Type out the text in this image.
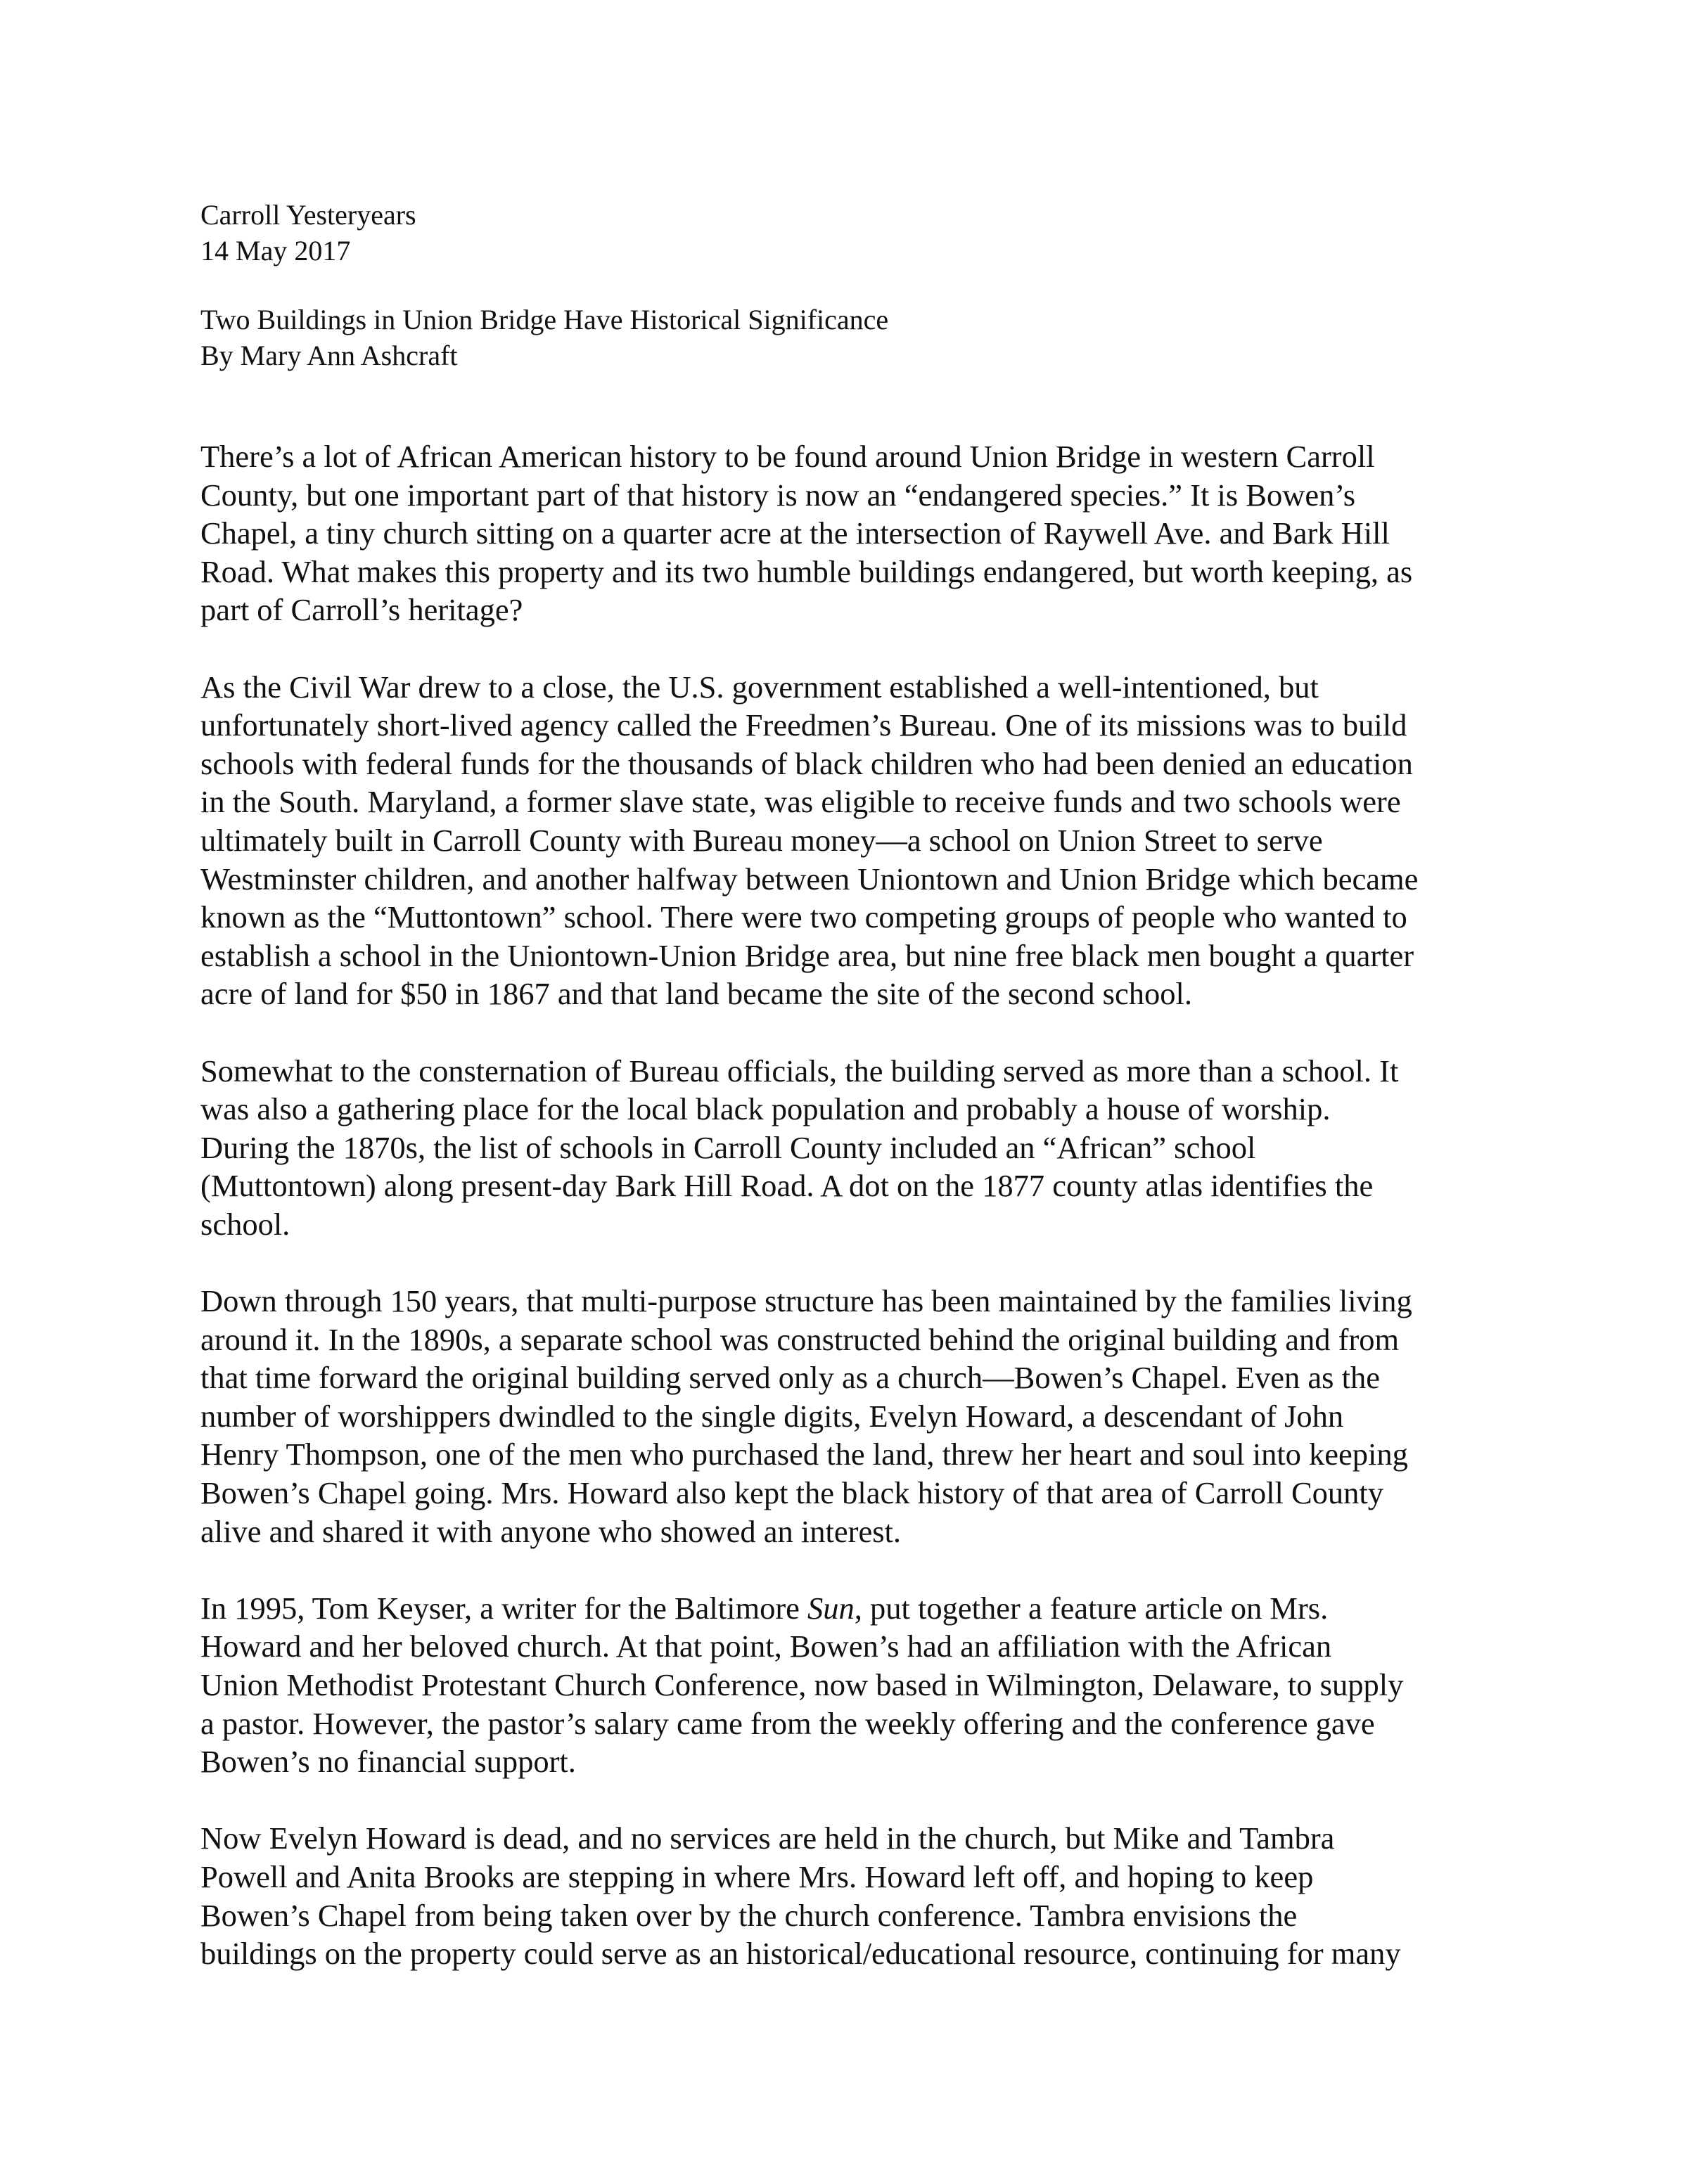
Carroll Yesteryears
14 May 2017
Two Buildings in Union Bridge Have Historical Significance
By Mary Ann Ashcraft

There’s a lot of African American history to be found around Union Bridge in western Carroll
County, but one important part of that history is now an “endangered species.” It is Bowen’s
Chapel, a tiny church sitting on a quarter acre at the intersection of Raywell Ave. and Bark Hill
Road. What makes this property and its two humble buildings endangered, but worth keeping, as
part of Carroll’s heritage?

As the Civil War drew to a close, the U.S. government established a well-intentioned, but
unfortunately short-lived agency called the Freedmen’s Bureau. One of its missions was to build
schools with federal funds for the thousands of black children who had been denied an education
in the South. Maryland, a former slave state, was eligible to receive funds and two schools were
ultimately built in Carroll County with Bureau money—a school on Union Street to serve
Westminster children, and another halfway between Uniontown and Union Bridge which became
known as the “Muttontown” school. There were two competing groups of people who wanted to
establish a school in the Uniontown-Union Bridge area, but nine free black men bought a quarter
acre of land for $50 in 1867 and that land became the site of the second school.

Somewhat to the consternation of Bureau officials, the building served as more than a school. It
was also a gathering place for the local black population and probably a house of worship.
During the 1870s, the list of schools in Carroll County included an “African” school
(Muttontown) along present-day Bark Hill Road. A dot on the 1877 county atlas identifies the
school.

Down through 150 years, that multi-purpose structure has been maintained by the families living
around it. In the 1890s, a separate school was constructed behind the original building and from
that time forward the original building served only as a church—Bowen’s Chapel. Even as the
number of worshippers dwindled to the single digits, Evelyn Howard, a descendant of John
Henry Thompson, one of the men who purchased the land, threw her heart and soul into keeping
Bowen’s Chapel going. Mrs. Howard also kept the black history of that area of Carroll County
alive and shared it with anyone who showed an interest.

In 1995, Tom Keyser, a writer for the Baltimore Sun, put together a feature article on Mrs.
Howard and her beloved church. At that point, Bowen’s had an affiliation with the African
Union Methodist Protestant Church Conference, now based in Wilmington, Delaware, to supply
a pastor. However, the pastor’s salary came from the weekly offering and the conference gave
Bowen’s no financial support.

Now Evelyn Howard is dead, and no services are held in the church, but Mike and Tambra
Powell and Anita Brooks are stepping in where Mrs. Howard left off, and hoping to keep
Bowen’s Chapel from being taken over by the church conference. Tambra envisions the
buildings on the property could serve as an historical/educational resource, continuing for many
